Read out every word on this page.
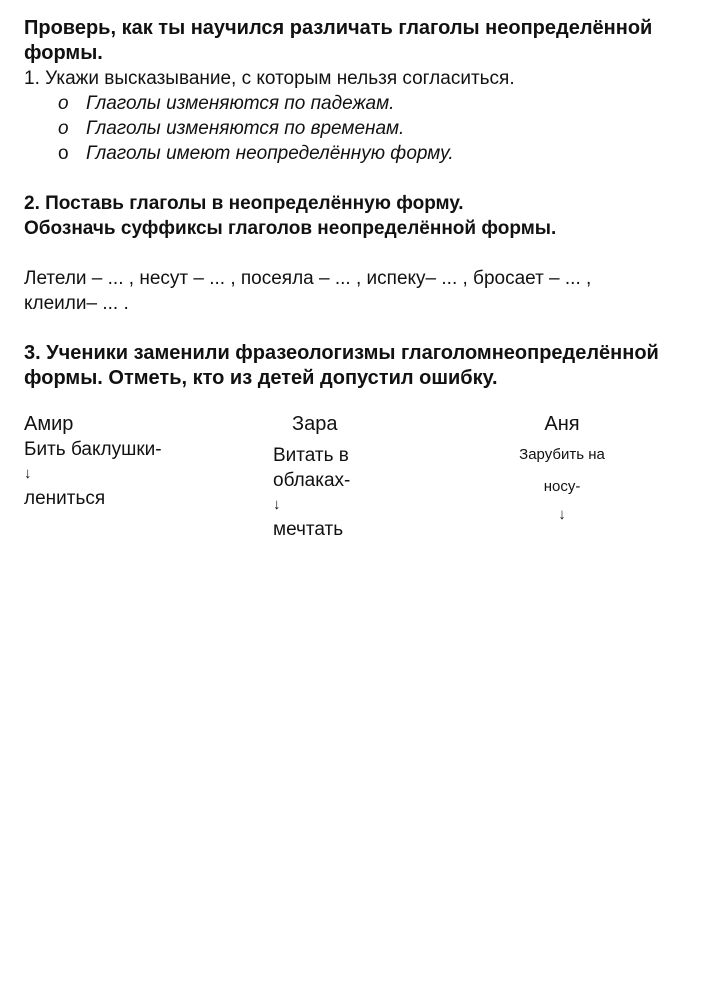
Проверь, как ты научился различать глаголы неопределённой

формы.

1. Укажи высказывание, с которым нельзя согласиться.

o Глаголы изменяются по падежам.
o Глаголы изменяются по временам.
o Глаголы имеют неопределённую форму.

2. Поставь глаголы в неопределённую форму.

Обозначь суффиксы глаголов неопределённой формы.

Летели – ... , несут – ... , посеяла – ... , испеку– ... , бросает – ... ,

клеили– ... .

3. Ученики заменили фразеологизмы глаголомнеопределённой

формы. Отметь, кто из детей допустил ошибку.

Амир
Бить баклушки-
↓
лениться
Зара
Витать в
облаках-
↓
мечтать
Аня
Зарубить на
носу-
↓
